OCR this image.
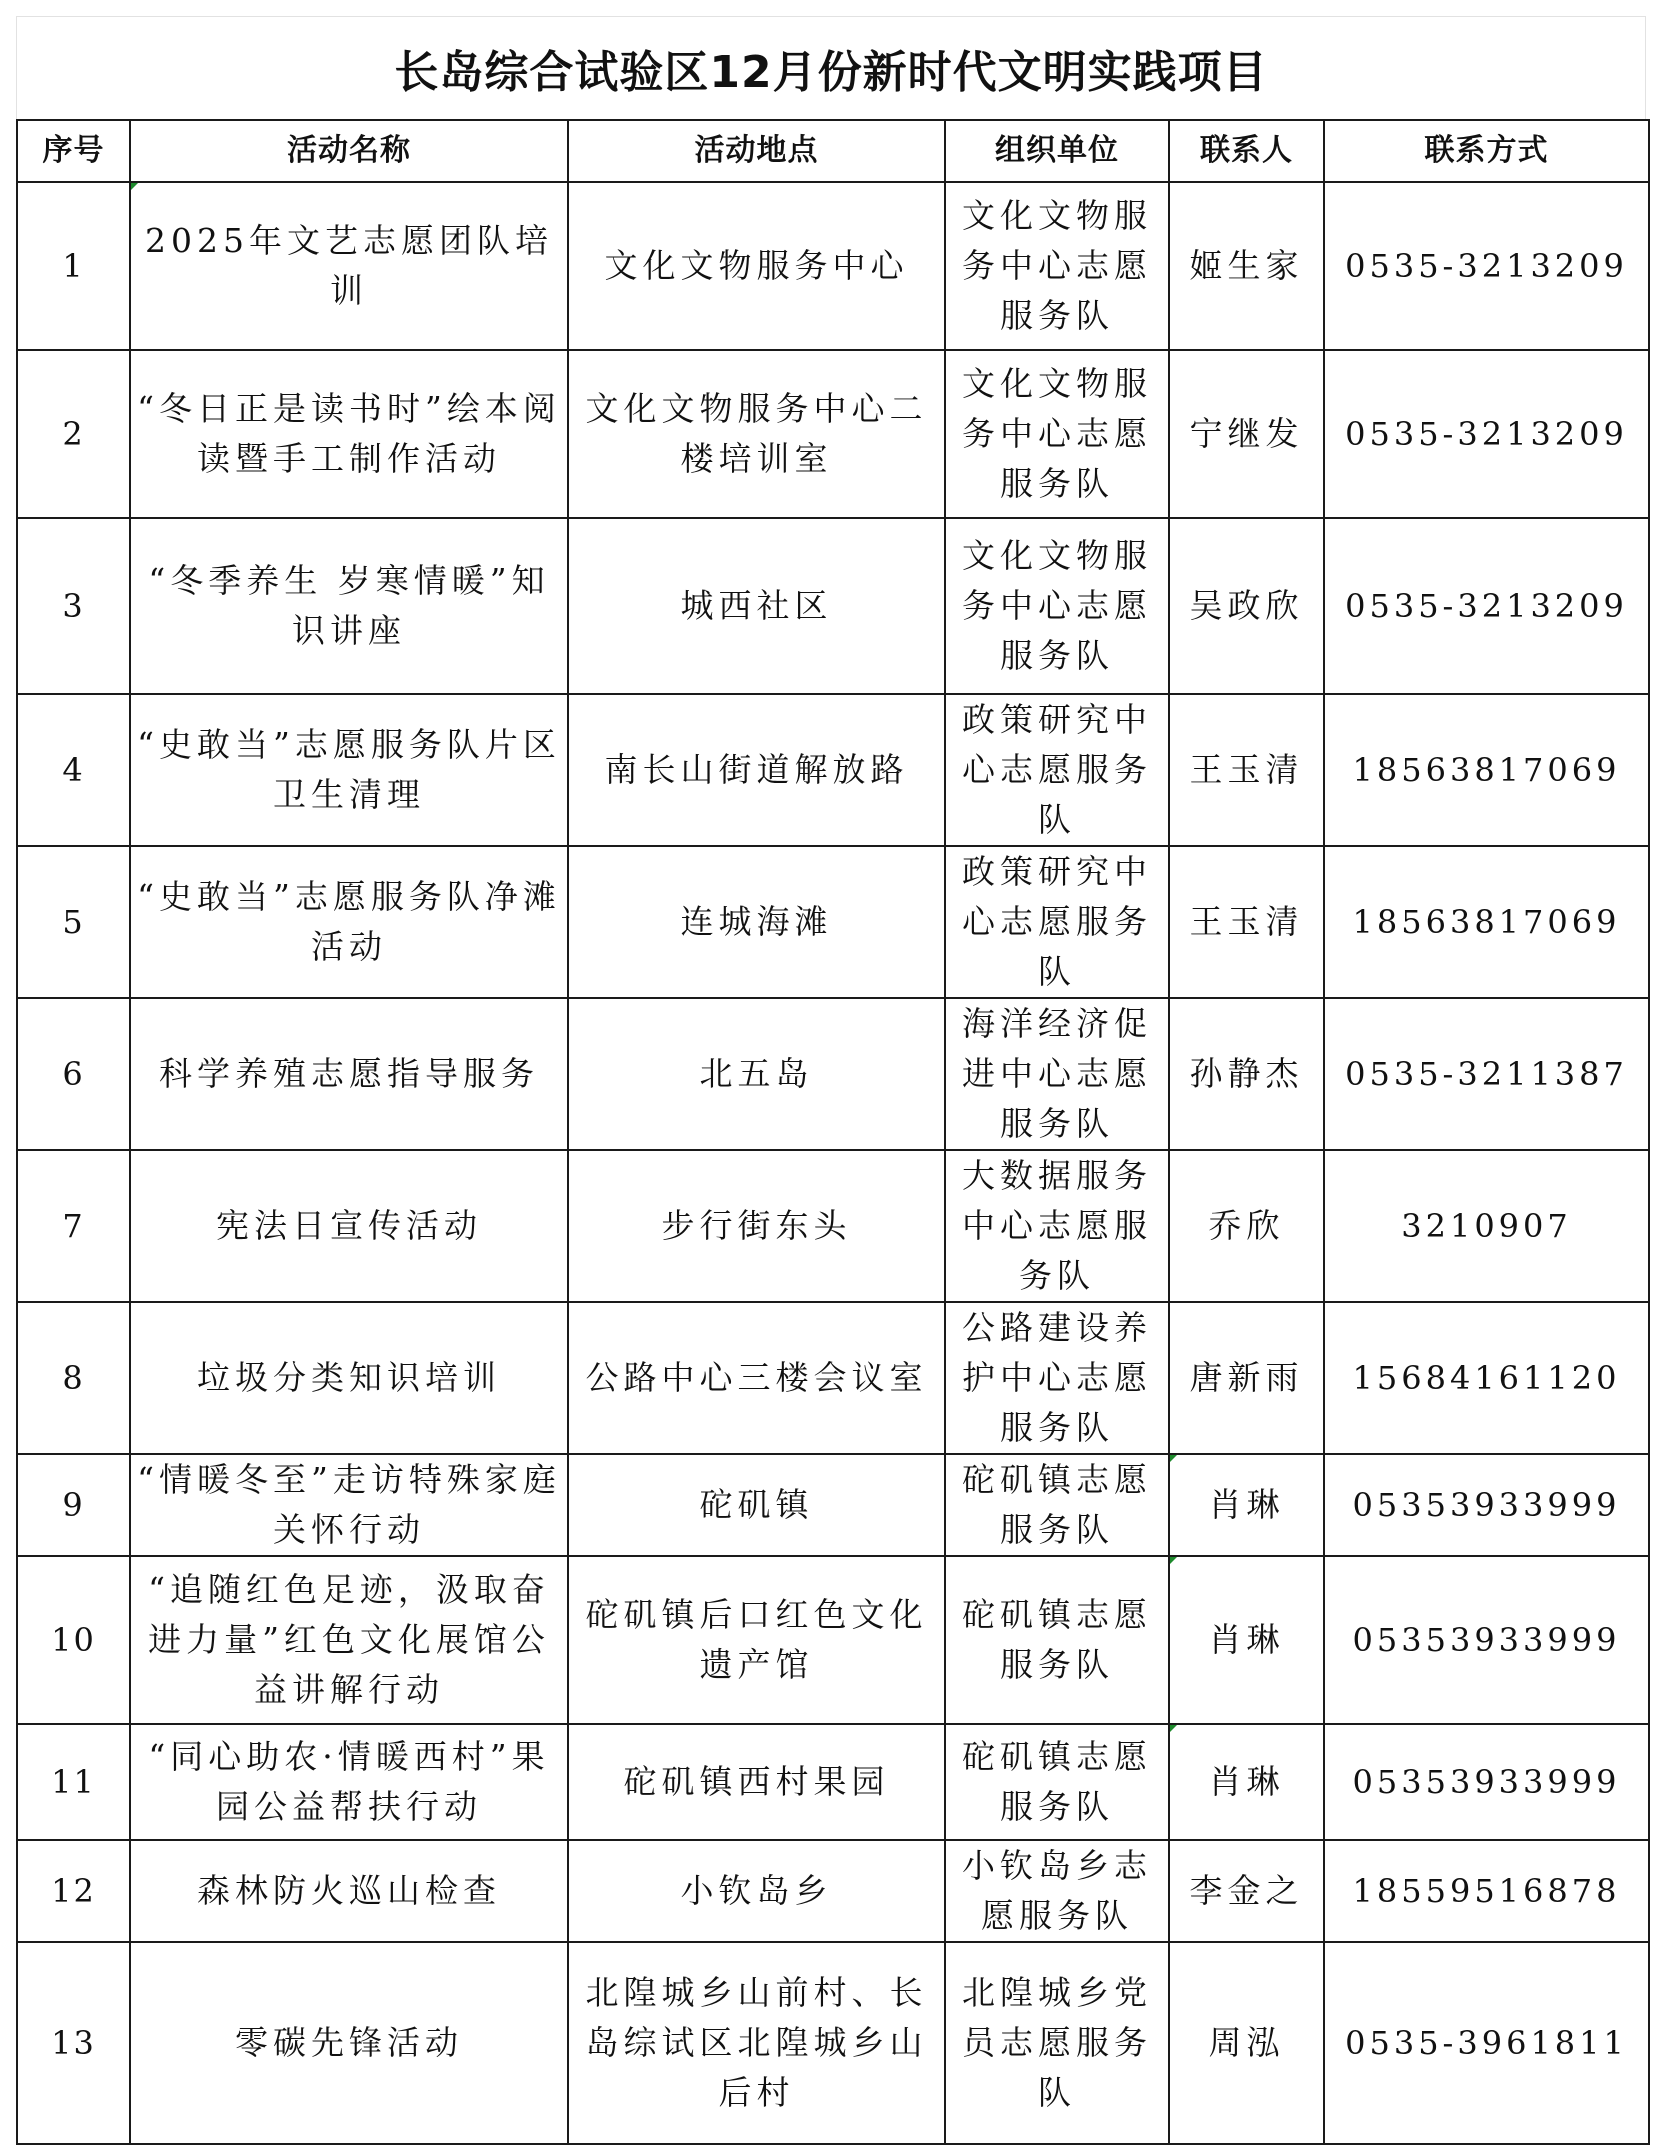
长岛综合试验区12月份新时代文明实践项目
序号	活动名称	活动地点	组织单位	联系人	联系方式
1	2025年文艺志愿团队培训	文化文物服务中心	文化文物服务中心志愿服务队	姬生家	0535-3213209
2	“冬日正是读书时”绘本阅读暨手工制作活动	文化文物服务中心二楼培训室	文化文物服务中心志愿服务队	宁继发	0535-3213209
3	“冬季养生 岁寒情暖”知识讲座	城西社区	文化文物服务中心志愿服务队	吴政欣	0535-3213209
4	“史敢当”志愿服务队片区卫生清理	南长山街道解放路	政策研究中心志愿服务队	王玉清	18563817069
5	“史敢当”志愿服务队净滩活动	连城海滩	政策研究中心志愿服务队	王玉清	18563817069
6	科学养殖志愿指导服务	北五岛	海洋经济促进中心志愿服务队	孙静杰	0535-3211387
7	宪法日宣传活动	步行街东头	大数据服务中心志愿服务队	乔欣	3210907
8	垃圾分类知识培训	公路中心三楼会议室	公路建设养护中心志愿服务队	唐新雨	15684161120
9	“情暖冬至”走访特殊家庭关怀行动	砣矶镇	砣矶镇志愿服务队	肖琳	05353933999
10	“追随红色足迹，汲取奋进力量”红色文化展馆公益讲解行动	砣矶镇后口红色文化遗产馆	砣矶镇志愿服务队	肖琳	05353933999
11	“同心助农·情暖西村”果园公益帮扶行动	砣矶镇西村果园	砣矶镇志愿服务队	肖琳	05353933999
12	森林防火巡山检查	小钦岛乡	小钦岛乡志愿服务队	李金之	18559516878
13	零碳先锋活动	北隍城乡山前村、长岛综试区北隍城乡山后村	北隍城乡党员志愿服务队	周泓	0535-3961811
